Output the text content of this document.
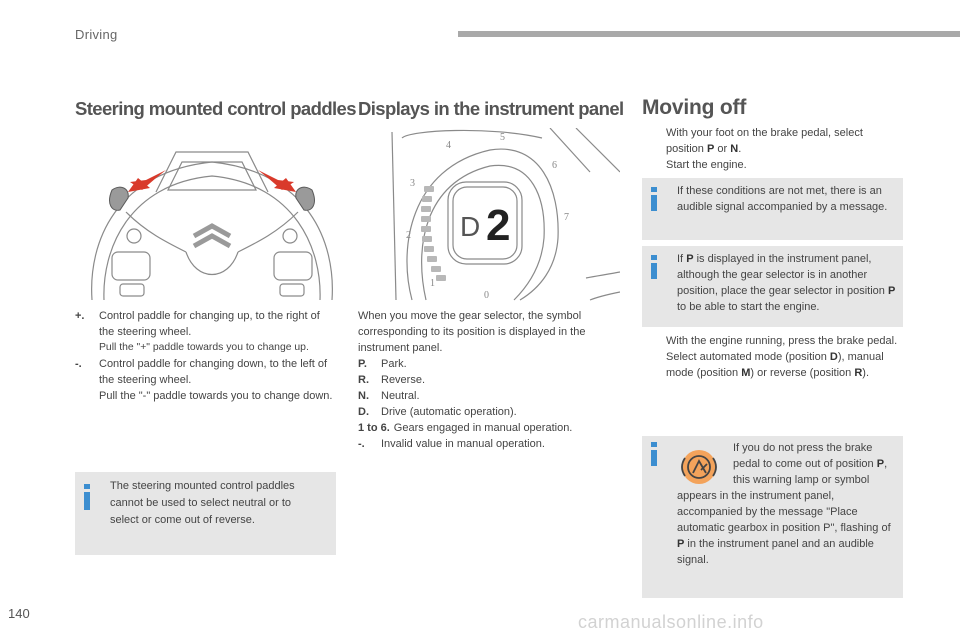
Driving
Steering mounted control paddles
+.	Control paddle for changing up, to the right of the steering wheel.
Pull the "+" paddle towards you to change up.
-.	Control paddle for changing down, to the left of the steering wheel.
Pull the "-" paddle towards you to change down.
The steering mounted control paddles cannot be used to select neutral or to select or come out of reverse.
Displays in the instrument panel
0
1
2
3
4
5
6
7
D 2
When you move the gear selector, the symbol corresponding to its position is displayed in the instrument panel.
P.	Park.
R.	Reverse.
N.	Neutral.
D.	Drive (automatic operation).
1 to 6. Gears engaged in manual operation.
-.	Invalid value in manual operation.
Moving off
With your foot on the brake pedal, select position P or N.
Start the engine.
If these conditions are not met, there is an audible signal accompanied by a message.
If P is displayed in the instrument panel, although the gear selector is in another position, place the gear selector in position P to be able to start the engine.
With the engine running, press the brake pedal.
Select automated mode (position D), manual mode (position M) or reverse (position R).
If you do not press the brake pedal to come out of position P, this warning lamp or symbol appears in the instrument panel, accompanied by the message "Place automatic gearbox in position P", flashing of P in the instrument panel and an audible signal.
140	carmanualsonline.info
